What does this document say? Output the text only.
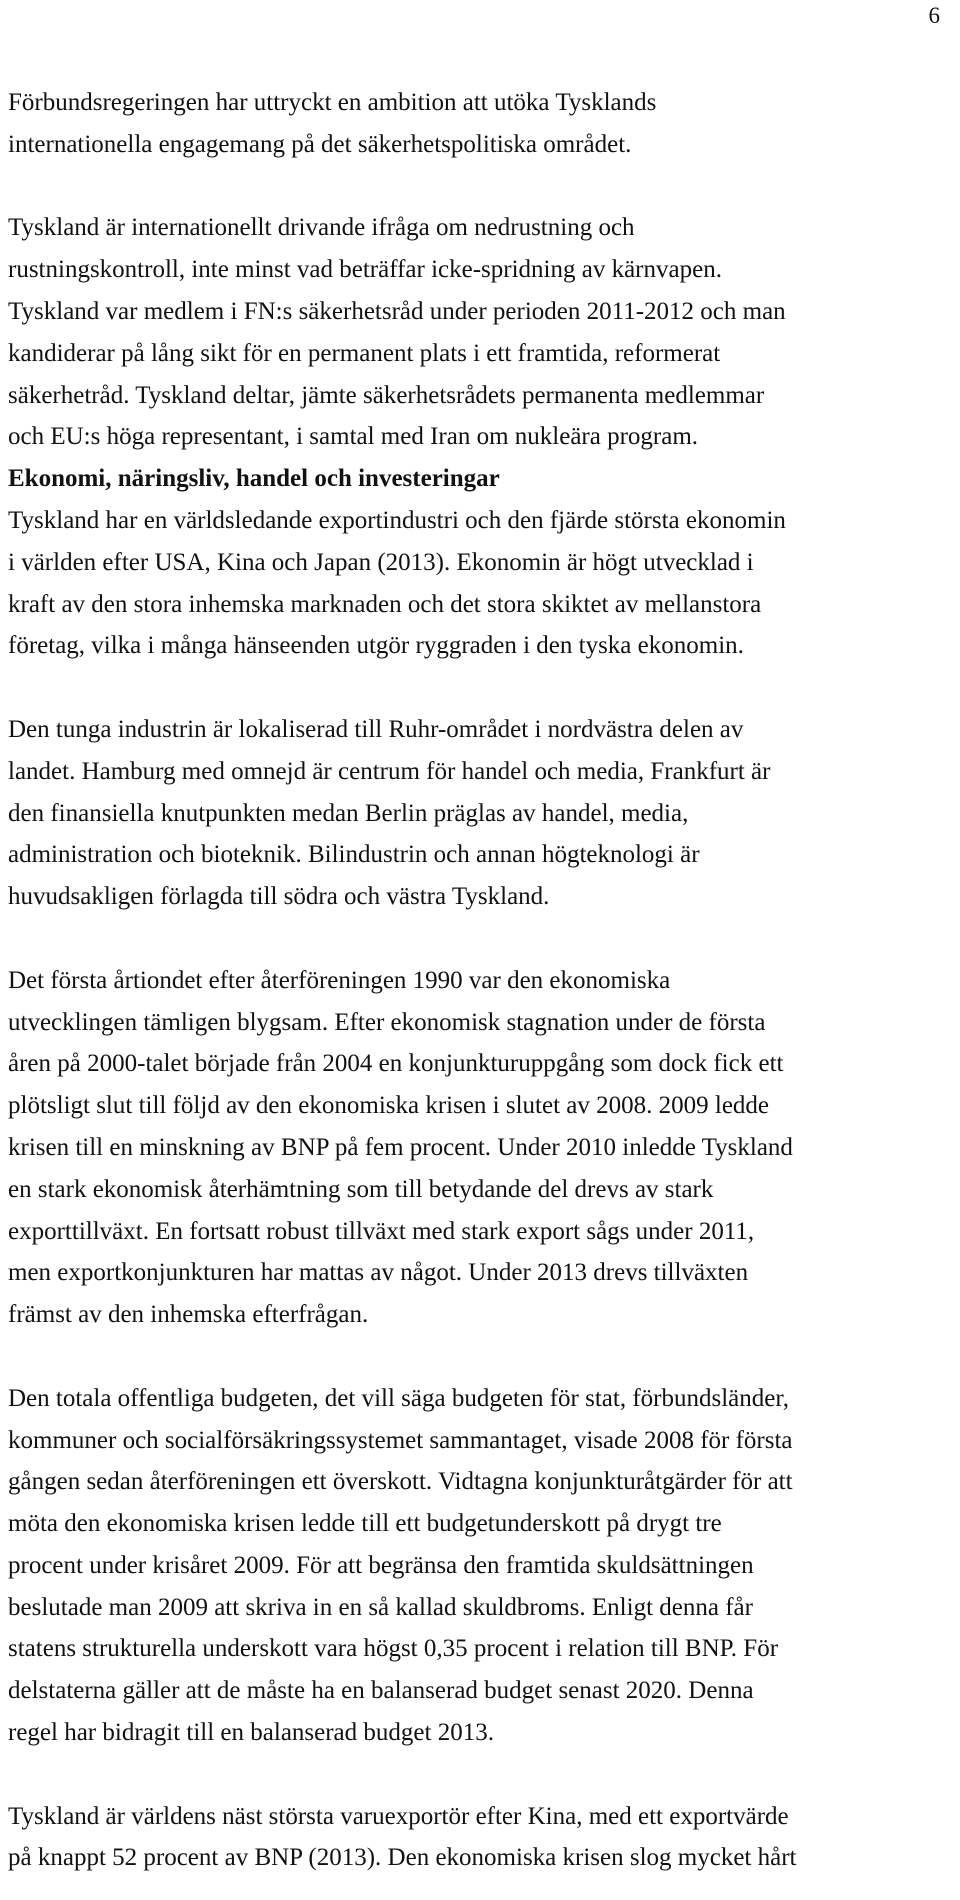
6
Förbundsregeringen har uttryckt en ambition att utöka Tysklands
internationella engagemang på det säkerhetspolitiska området.
Tyskland är internationellt drivande ifråga om nedrustning och
rustningskontroll, inte minst vad beträffar icke-spridning av kärnvapen.
Tyskland var medlem i FN:s säkerhetsråd under perioden 2011-2012 och man
kandiderar på lång sikt för en permanent plats i ett framtida, reformerat
säkerhetråd. Tyskland deltar, jämte säkerhetsrådets permanenta medlemmar
och EU:s höga representant, i samtal med Iran om nukleära program.
Ekonomi, näringsliv, handel och investeringar
Tyskland har en världsledande exportindustri och den fjärde största ekonomin
i världen efter USA, Kina och Japan (2013). Ekonomin är högt utvecklad i
kraft av den stora inhemska marknaden och det stora skiktet av mellanstora
företag, vilka i många hänseenden utgör ryggraden i den tyska ekonomin.
Den tunga industrin är lokaliserad till Ruhr-området i nordvästra delen av
landet. Hamburg med omnejd är centrum för handel och media, Frankfurt är
den finansiella knutpunkten medan Berlin präglas av handel, media,
administration och bioteknik. Bilindustrin och annan högteknologi är
huvudsakligen förlagda till södra och västra Tyskland.
Det första årtiondet efter återföreningen 1990 var den ekonomiska
utvecklingen tämligen blygsam. Efter ekonomisk stagnation under de första
åren på 2000-talet började från 2004 en konjunkturuppgång som dock fick ett
plötsligt slut till följd av den ekonomiska krisen i slutet av 2008. 2009 ledde
krisen till en minskning av BNP på fem procent. Under 2010 inledde Tyskland
en stark ekonomisk återhämtning som till betydande del drevs av stark
exporttillväxt. En fortsatt robust tillväxt med stark export sågs under 2011,
men exportkonjunkturen har mattas av något. Under 2013 drevs tillväxten
främst av den inhemska efterfrågan.
Den totala offentliga budgeten, det vill säga budgeten för stat, förbundsländer,
kommuner och socialförsäkringssystemet sammantaget, visade 2008 för första
gången sedan återföreningen ett överskott. Vidtagna konjunkturåtgärder för att
möta den ekonomiska krisen ledde till ett budgetunderskott på drygt tre
procent under krisåret 2009. För att begränsa den framtida skuldsättningen
beslutade man 2009 att skriva in en så kallad skuldbroms. Enligt denna får
statens strukturella underskott vara högst 0,35 procent i relation till BNP. För
delstaterna gäller att de måste ha en balanserad budget senast 2020. Denna
regel har bidragit till en balanserad budget 2013.
Tyskland är världens näst största varuexportör efter Kina, med ett exportvärde
på knappt 52 procent av BNP (2013). Den ekonomiska krisen slog mycket hårt
